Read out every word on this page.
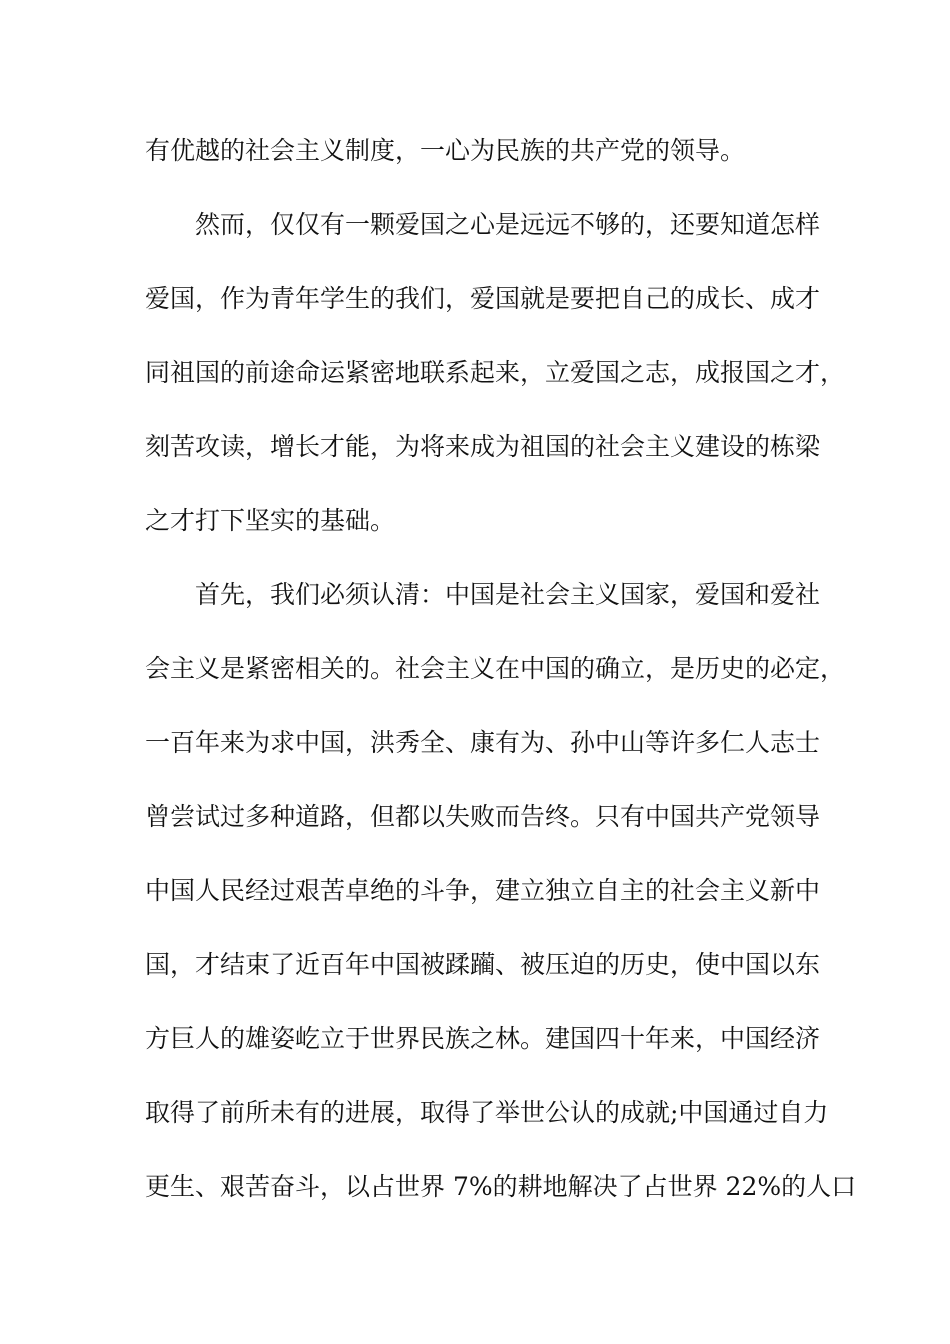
有优越的社会主义制度，一心为民族的共产党的领导。
然而，仅仅有一颗爱国之心是远远不够的，还要知道怎样
爱国，作为青年学生的我们，爱国就是要把自己的成长、成才
同祖国的前途命运紧密地联系起来，立爱国之志，成报国之才，
刻苦攻读，增长才能，为将来成为祖国的社会主义建设的栋梁
之才打下坚实的基础。
首先，我们必须认清：中国是社会主义国家，爱国和爱社
会主义是紧密相关的。社会主义在中国的确立，是历史的必定，
一百年来为求中国，洪秀全、康有为、孙中山等许多仁人志士
曾尝试过多种道路，但都以失败而告终。只有中国共产党领导
中国人民经过艰苦卓绝的斗争，建立独立自主的社会主义新中
国，才结束了近百年中国被蹂躏、被压迫的历史，使中国以东
方巨人的雄姿屹立于世界民族之林。建国四十年来，中国经济
取得了前所未有的进展，取得了举世公认的成就;中国通过自力
更生、艰苦奋斗，以占世界 7%的耕地解决了占世界 22%的人口
